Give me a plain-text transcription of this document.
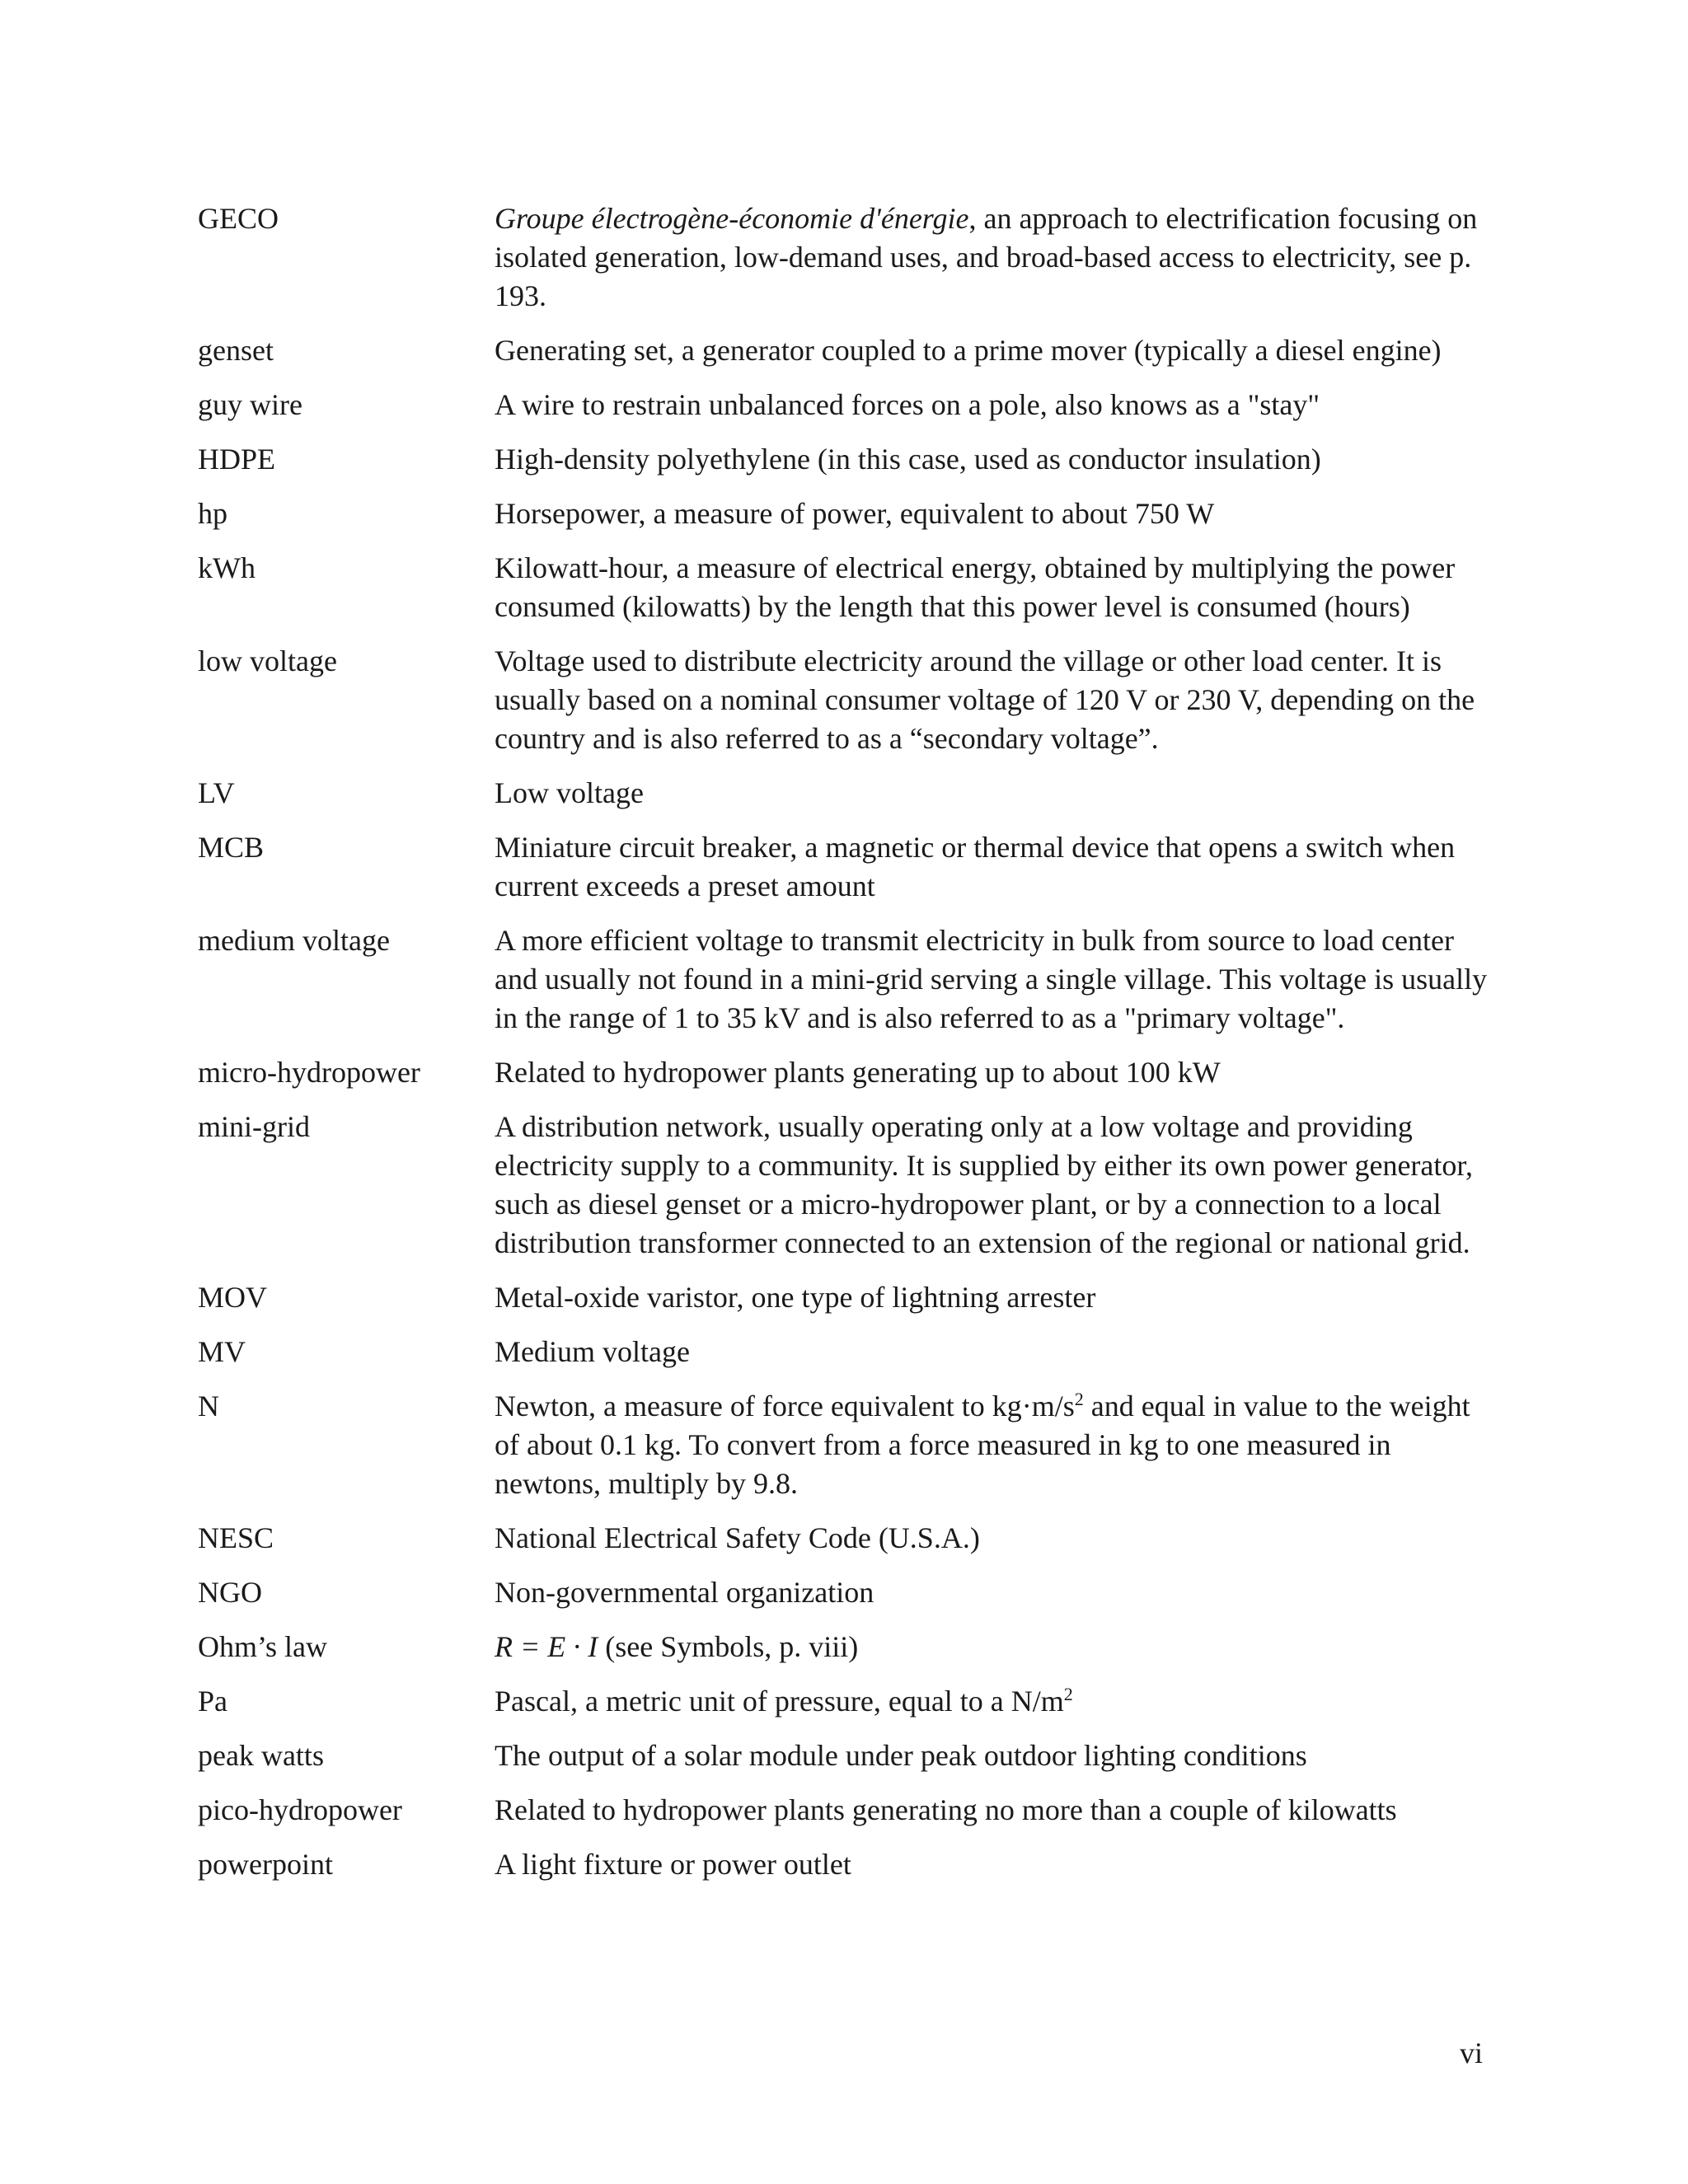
GECO	Groupe électrogène-économie d'énergie, an approach to electrification focusing on isolated generation, low-demand uses, and broad-based access to electricity, see p. 193.
genset	Generating set, a generator coupled to a prime mover (typically a diesel engine)
guy wire	A wire to restrain unbalanced forces on a pole, also knows as a "stay"
HDPE	High-density polyethylene (in this case, used as conductor insulation)
hp	Horsepower, a measure of power, equivalent to about 750 W
kWh	Kilowatt-hour, a measure of electrical energy, obtained by multiplying the power consumed (kilowatts) by the length that this power level is consumed (hours)
low voltage	Voltage used to distribute electricity around the village or other load center. It is usually based on a nominal consumer voltage of 120 V or 230 V, depending on the country and is also referred to as a “secondary voltage”.
LV	Low voltage
MCB	Miniature circuit breaker, a magnetic or thermal device that opens a switch when current exceeds a preset amount
medium voltage	A more efficient voltage to transmit electricity in bulk from source to load center and usually not found in a mini-grid serving a single village. This voltage is usually in the range of 1 to 35 kV and is also referred to as a "primary voltage".
micro-hydropower	Related to hydropower plants generating up to about 100 kW
mini-grid	A distribution network, usually operating only at a low voltage and providing electricity supply to a community. It is supplied by either its own power generator, such as diesel genset or a micro-hydropower plant, or by a connection to a local distribution transformer connected to an extension of the regional or national grid.
MOV	Metal-oxide varistor, one type of lightning arrester
MV	Medium voltage
N	Newton, a measure of force equivalent to $kg\cdot m/s^2$ and equal in value to the weight of about 0.1 kg. To convert from a force measured in kg to one measured in newtons, multiply by 9.8.
NESC	National Electrical Safety Code (U.S.A.)
NGO	Non-governmental organization
Ohm’s law	R = E · I (see Symbols, p. viii)
Pa	Pascal, a metric unit of pressure, equal to a $N/m^2$
peak watts	The output of a solar module under peak outdoor lighting conditions
pico-hydropower	Related to hydropower plants generating no more than a couple of kilowatts
powerpoint	A light fixture or power outlet
vi
